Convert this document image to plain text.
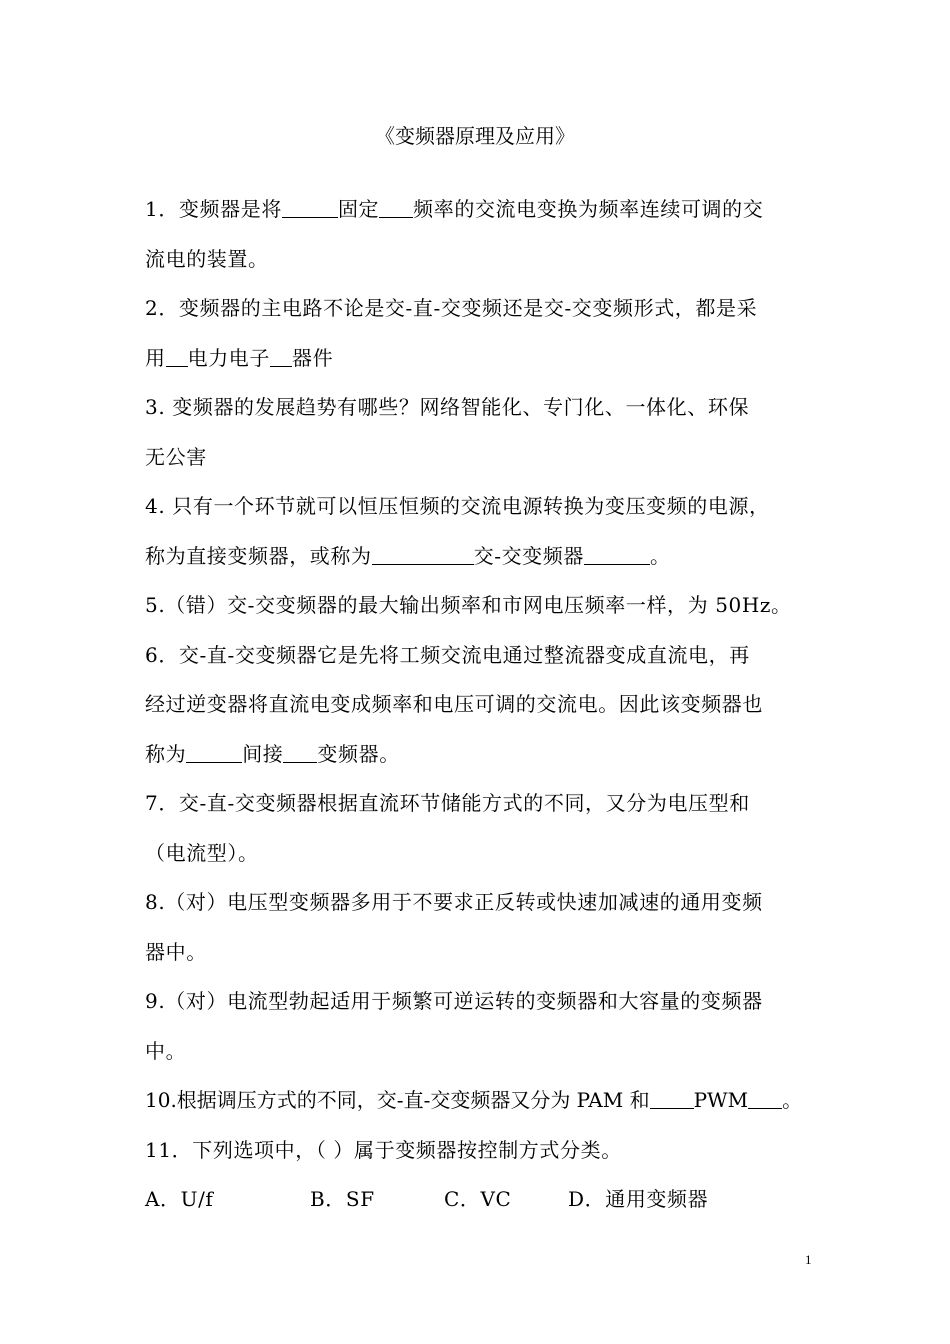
《变频器原理及应用》
1．变频器是将	固定 频率的交流电变换为频率连续可调的交
流电的装置。
2．变频器的主电路不论是交-直-交变频还是交-交变频形式，都是采
用 电力电子 器件
3. 变频器的发展趋势有哪些？网络智能化、专门化、一体化、环保
无公害
4. 只有一个环节就可以恒压恒频的交流电源转换为变压变频的电源，
称为直接变频器，或称为	交-交变频器	。
5.（错）交-交变频器的最大输出频率和市网电压频率一样，为 50Hz。
6．交-直-交变频器它是先将工频交流电通过整流器变成直流电，再
经过逆变器将直流电变成频率和电压可调的交流电。因此该变频器也
称为	间接 变频器。
7．交-直-交变频器根据直流环节储能方式的不同，又分为电压型和
（电流型）。
8.（对）电压型变频器多用于不要求正反转或快速加减速的通用变频
器中。
9.（对）电流型勃起适用于频繁可逆运转的变频器和大容量的变频器
中。
10.根据调压方式的不同，交-直-交变频器又分为 PAM 和 PWM 。
11．下列选项中，（ ）属于变频器按控制方式分类。
A．U/f	B．SF	C．VC	D．通用变频器
1
